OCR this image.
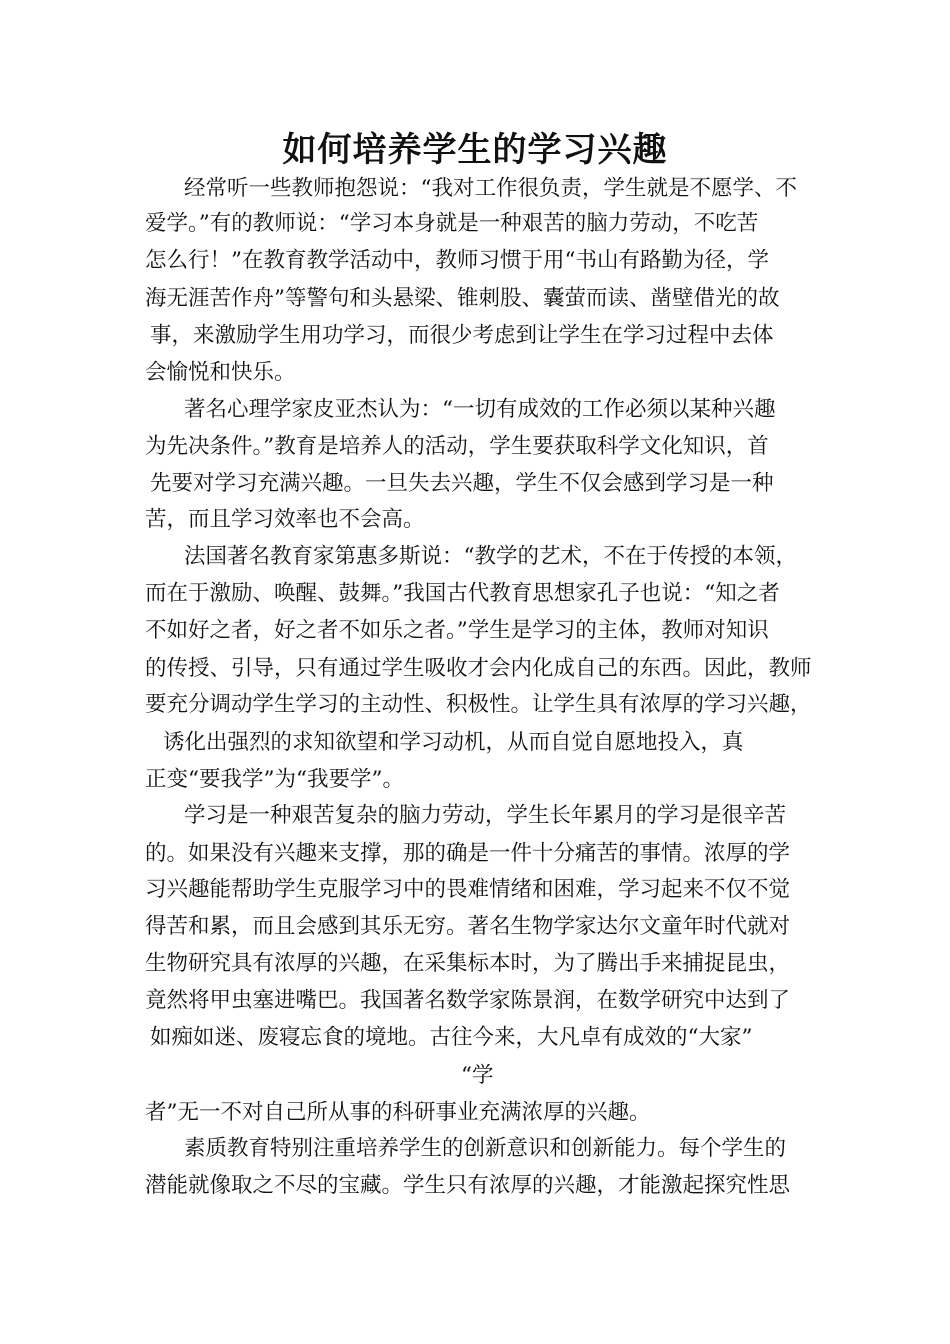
如何培养学生的学习兴趣
经常听一些教师抱怨说：“我对工作很负责，学生就是不愿学、不
爱学。”有的教师说：“学习本身就是一种艰苦的脑力劳动，不吃苦
怎么行！”在教育教学活动中，教师习惯于用“书山有路勤为径，学
海无涯苦作舟”等警句和头悬梁、锥刺股、囊萤而读、凿壁借光的故
事，来激励学生用功学习，而很少考虑到让学生在学习过程中去体
会愉悦和快乐。
著名心理学家皮亚杰认为：“一切有成效的工作必须以某种兴趣
为先决条件。”教育是培养人的活动，学生要获取科学文化知识，首
先要对学习充满兴趣。一旦失去兴趣，学生不仅会感到学习是一种
苦，而且学习效率也不会高。
法国著名教育家第惠多斯说：“教学的艺术，不在于传授的本领，
而在于激励、唤醒、鼓舞。”我国古代教育思想家孔子也说：“知之者
不如好之者，好之者不如乐之者。”学生是学习的主体，教师对知识
的传授、引导，只有通过学生吸收才会内化成自己的东西。因此，教师
要充分调动学生学习的主动性、积极性。让学生具有浓厚的学习兴趣，
诱化出强烈的求知欲望和学习动机，从而自觉自愿地投入，真
正变“要我学”为“我要学”。
学习是一种艰苦复杂的脑力劳动，学生长年累月的学习是很辛苦
的。如果没有兴趣来支撑，那的确是一件十分痛苦的事情。浓厚的学
习兴趣能帮助学生克服学习中的畏难情绪和困难，学习起来不仅不觉
得苦和累，而且会感到其乐无穷。著名生物学家达尔文童年时代就对
生物研究具有浓厚的兴趣，在采集标本时，为了腾出手来捕捉昆虫，
竟然将甲虫塞进嘴巴。我国著名数学家陈景润，在数学研究中达到了
如痴如迷、废寝忘食的境地。古往今来，大凡卓有成效的“大家”
“学
者”无一不对自己所从事的科研事业充满浓厚的兴趣。
素质教育特别注重培养学生的创新意识和创新能力。每个学生的
潜能就像取之不尽的宝藏。学生只有浓厚的兴趣，才能激起探究性思
